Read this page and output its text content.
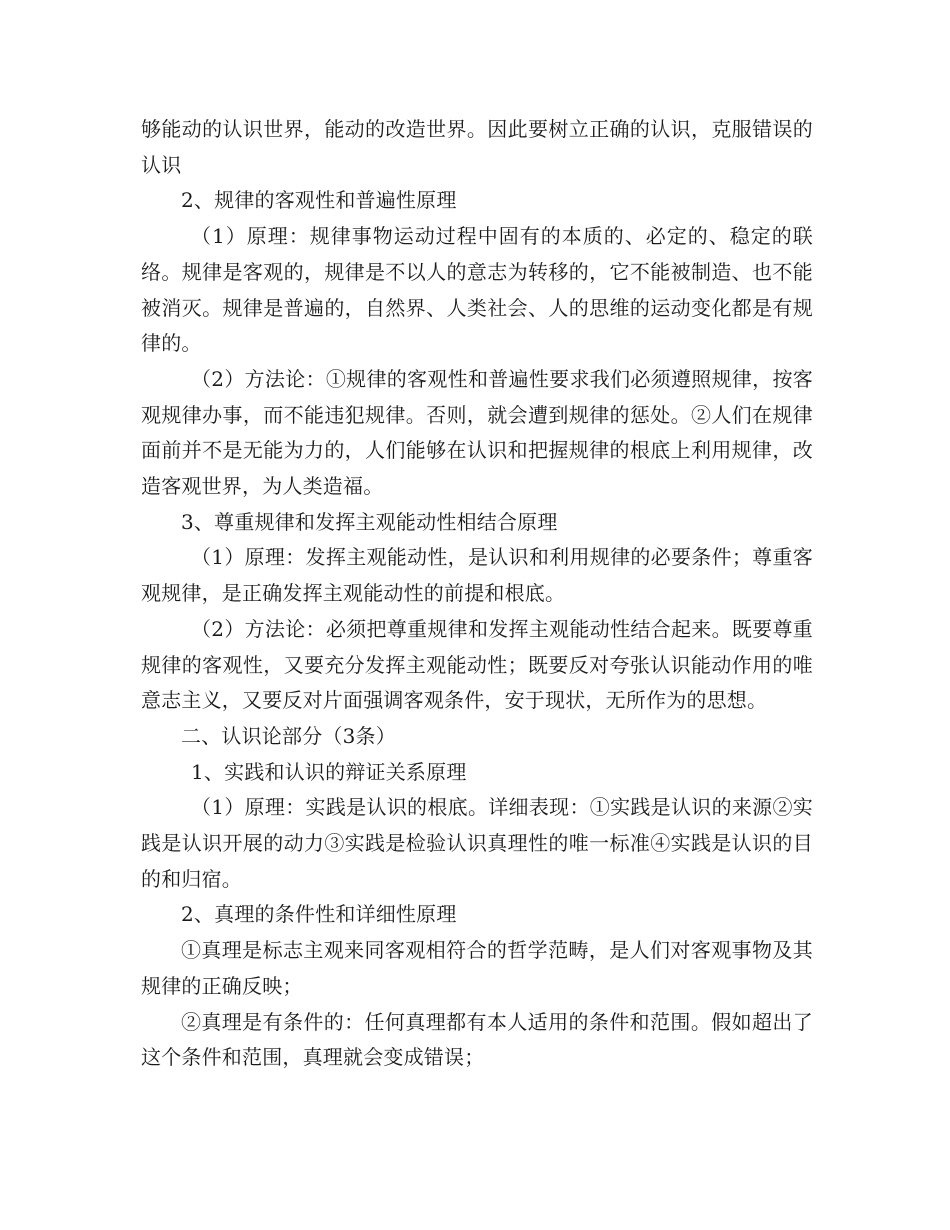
够能动的认识世界，能动的改造世界。因此要树立正确的认识，克服错误的认识

2、规律的客观性和普遍性原理

（1）原理：规律事物运动过程中固有的本质的、必定的、稳定的联络。规律是客观的，规律是不以人的意志为转移的，它不能被制造、也不能被消灭。规律是普遍的，自然界、人类社会、人的思维的运动变化都是有规律的。

（2）方法论：①规律的客观性和普遍性要求我们必须遵照规律，按客观规律办事，而不能违犯规律。否则，就会遭到规律的惩处。②人们在规律面前并不是无能为力的，人们能够在认识和把握规律的根底上利用规律，改造客观世界，为人类造福。

3、尊重规律和发挥主观能动性相结合原理

（1）原理：发挥主观能动性，是认识和利用规律的必要条件；尊重客观规律，是正确发挥主观能动性的前提和根底。

（2）方法论：必须把尊重规律和发挥主观能动性结合起来。既要尊重规律的客观性，又要充分发挥主观能动性；既要反对夸张认识能动作用的唯意志主义，又要反对片面强调客观条件，安于现状，无所作为的思想。

二、认识论部分（3条）

1、实践和认识的辩证关系原理

（1）原理：实践是认识的根底。详细表现：①实践是认识的来源②实践是认识开展的动力③实践是检验认识真理性的唯一标准④实践是认识的目的和归宿。

2、真理的条件性和详细性原理

①真理是标志主观来同客观相符合的哲学范畴，是人们对客观事物及其规律的正确反映；

②真理是有条件的：任何真理都有本人适用的条件和范围。假如超出了这个条件和范围，真理就会变成错误；
